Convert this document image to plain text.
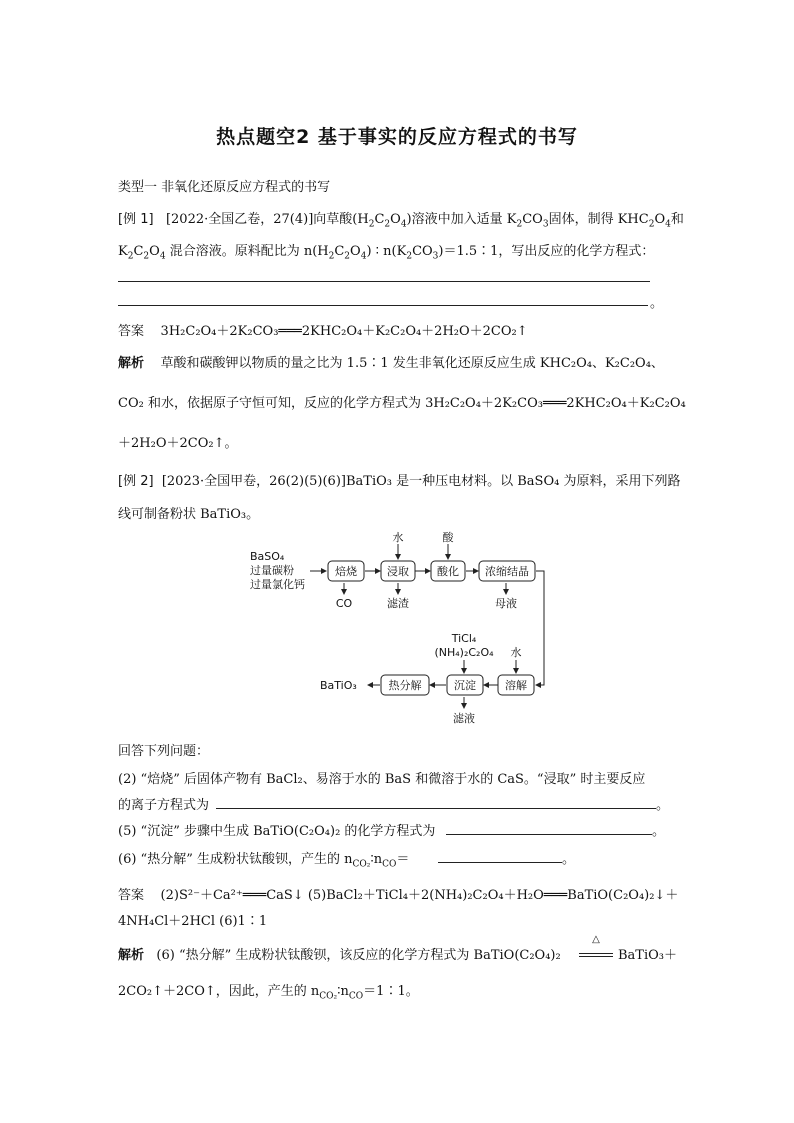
热点题空2 基于事实的反应方程式的书写
类型一 非氧化还原反应方程式的书写
[例 1] [2022·全国乙卷，27(4)]向草酸$(H_2C_2O_4)$溶液中加入适量 $K_2CO_3$固体，制得 $KHC_2O_4$和
$K_2C_2O_4$ 混合溶液。原料配比为 $n(H_2C_2O_4)$ ∶ $n(K_2CO_3)=1.5∶1$，写出反应的化学方程式：
。
答案 3H₂C₂O₄＋2K₂CO₃═══2KHC₂O₄＋K₂C₂O₄＋2H₂O＋2CO₂↑
解析 草酸和碳酸钾以物质的量之比为 1.5∶1 发生非氧化还原反应生成 KHC₂O₄、K₂C₂O₄、
CO₂ 和水，依据原子守恒可知，反应的化学方程式为 3H₂C₂O₄＋2K₂CO₃═══2KHC₂O₄＋K₂C₂O₄
＋2H₂O＋2CO₂↑。
[例 2] [2023·全国甲卷，26(2)(5)(6)]BaTiO₃ 是一种压电材料。以 BaSO₄ 为原料，采用下列路
线可制备粉状 BaTiO₃。
BaSO₄
过量碳粉
过量氯化钙
焙烧	浸取	酸化 浓缩结晶
水	酸
CO	滤渣	母液
TiCl₄
(NH₄)₂C₂O₄ 水
溶解
沉淀
热分解
BaTiO₃
滤液
回答下列问题：
(2) “焙烧” 后固体产物有 BaCl₂、易溶于水的 BaS 和微溶于水的 CaS。“浸取” 时主要反应
的离子方程式为	。
(5) “沉淀” 步骤中生成 BaTiO(C₂O₄)₂ 的化学方程式为	。
(6) “热分解” 生成粉状钛酸钡，产生的 $n_{CO_2}∶n_{CO}=$	。
答案 (2)S²⁻＋Ca²⁺═══CaS↓ (5)BaCl₂＋TiCl₄＋2(NH₄)₂C₂O₄＋H₂O═══BaTiO(C₂O₄)₂↓＋
4NH₄Cl＋2HCl (6)1∶1
解析 (6) “热分解” 生成粉状钛酸钡，该反应的化学方程式为 BaTiO(C₂O₄)₂
△
BaTiO₃＋
2CO₂↑＋2CO↑，因此，产生的 $n_{CO_2}∶n_{CO}=1∶1$。
